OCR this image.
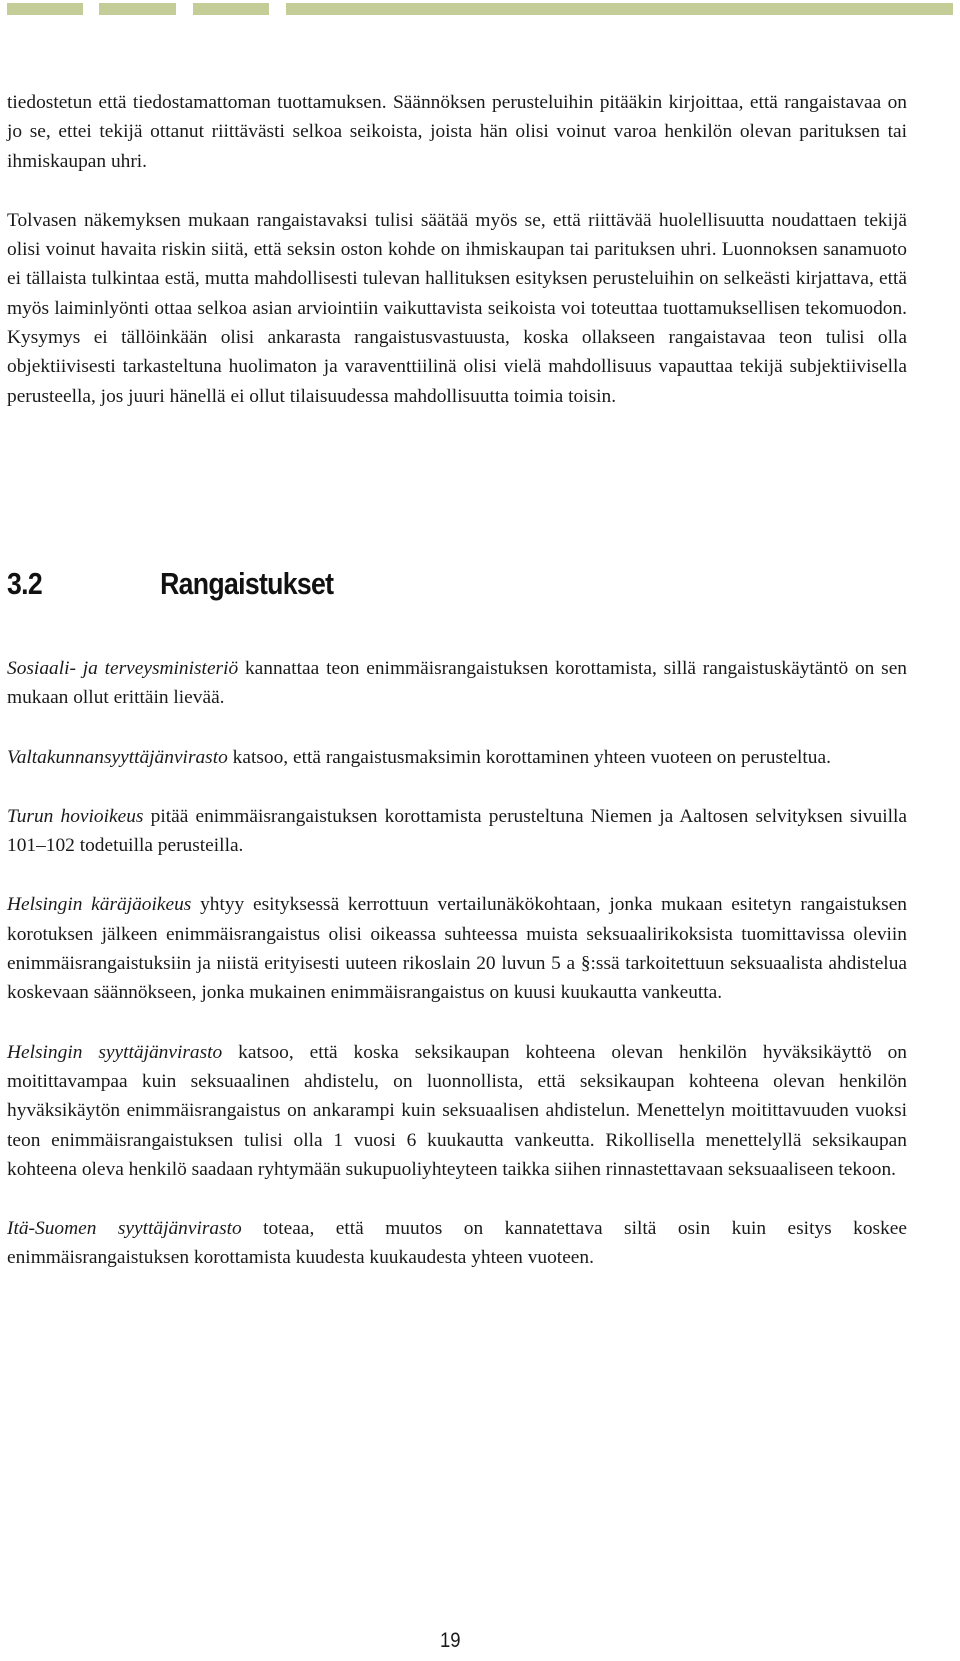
tiedostetun että tiedostamattoman tuottamuksen. Säännöksen perusteluihin pitääkin kirjoittaa, että rangaistavaa on jo se, ettei tekijä ottanut riittävästi selkoa seikoista, joista hän olisi voinut varoa henkilön olevan parituksen tai ihmiskaupan uhri.

Tolvasen näkemyksen mukaan rangaistavaksi tulisi säätää myös se, että riittävää huolellisuutta noudattaen tekijä olisi voinut havaita riskin siitä, että seksin oston kohde on ihmiskaupan tai parituksen uhri. Luonnoksen sanamuoto ei tällaista tulkintaa estä, mutta mahdollisesti tulevan hallituksen esityksen perusteluihin on selkeästi kirjattava, että myös laiminlyönti ottaa selkoa asian arviointiin vaikuttavista seikoista voi toteuttaa tuottamuksellisen tekomuodon. Kysymys ei tällöinkään olisi ankarasta rangaistusvastuusta, koska ollakseen rangaistavaa teon tulisi olla objektiivisesti tarkasteltuna huolimaton ja varaventtiilinä olisi vielä mahdollisuus vapauttaa tekijä subjektiivisella perusteella, jos juuri hänellä ei ollut tilaisuudessa mahdollisuutta toimia toisin.

3.2	Rangaistukset

Sosiaali- ja terveysministeriö kannattaa teon enimmäisrangaistuksen korottamista, sillä rangaistuskäytäntö on sen mukaan ollut erittäin lievää.

Valtakunnansyyttäjänvirasto katsoo, että rangaistusmaksimin korottaminen yhteen vuoteen on perusteltua.

Turun hovioikeus pitää enimmäisrangaistuksen korottamista perusteltuna Niemen ja Aaltosen selvityksen sivuilla 101–102 todetuilla perusteilla.

Helsingin käräjäoikeus yhtyy esityksessä kerrottuun vertailunäkökohtaan, jonka mukaan esitetyn rangaistuksen korotuksen jälkeen enimmäisrangaistus olisi oikeassa suhteessa muista seksuaalirikoksista tuomittavissa oleviin enimmäisrangaistuksiin ja niistä erityisesti uuteen rikoslain 20 luvun 5 a §:ssä tarkoitettuun seksuaalista ahdistelua koskevaan säännökseen, jonka mukainen enimmäisrangaistus on kuusi kuukautta vankeutta.

Helsingin syyttäjänvirasto katsoo, että koska seksikaupan kohteena olevan henkilön hyväksikäyttö on moitittavampaa kuin seksuaalinen ahdistelu, on luonnollista, että seksikaupan kohteena olevan henkilön hyväksikäytön enimmäisrangaistus on ankarampi kuin seksuaalisen ahdistelun. Menettelyn moitittavuuden vuoksi teon enimmäisrangaistuksen tulisi olla 1 vuosi 6 kuukautta vankeutta. Rikollisella menettelyllä seksikaupan kohteena oleva henkilö saadaan ryhtymään sukupuoliyhteyteen taikka siihen rinnastettavaan seksuaaliseen tekoon.

Itä-Suomen syyttäjänvirasto toteaa, että muutos on kannatettava siltä osin kuin esitys koskee enimmäisrangaistuksen korottamista kuudesta kuukaudesta yhteen vuoteen.

19
